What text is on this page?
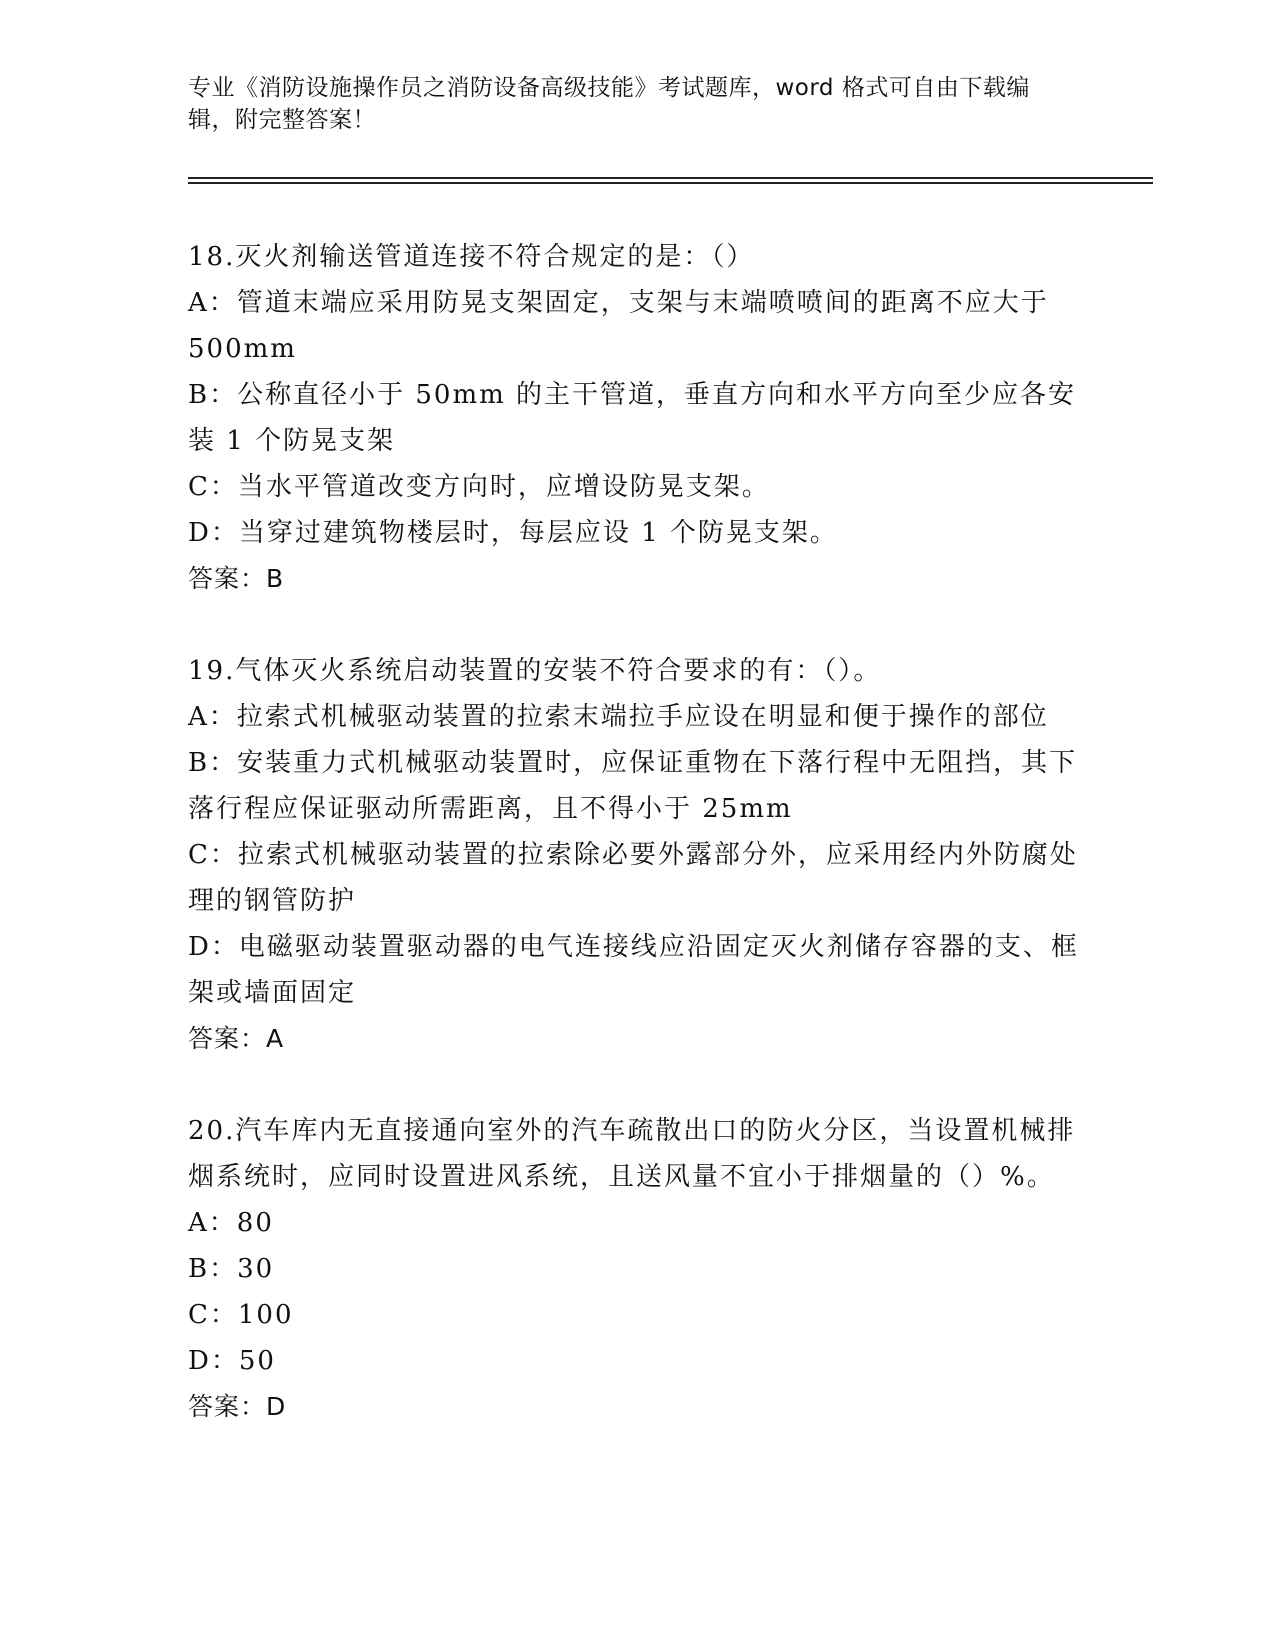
专业《消防设施操作员之消防设备高级技能》考试题库，word 格式可自由下载编
辑，附完整答案！

18.灭火剂输送管道连接不符合规定的是：（）

A：管道末端应采用防晃支架固定，支架与末端喷喷间的距离不应大于 500mm

B：公称直径小于 50mm 的主干管道，垂直方向和水平方向至少应各安装 1 个防晃支架

C：当水平管道改变方向时，应增设防晃支架。

D：当穿过建筑物楼层时，每层应设 1 个防晃支架。

答案：B

19.气体灭火系统启动装置的安装不符合要求的有：（）。

A：拉索式机械驱动装置的拉索末端拉手应设在明显和便于操作的部位

B：安装重力式机械驱动装置时，应保证重物在下落行程中无阻挡，其下落行程应保证驱动所需距离，且不得小于 25mm

C：拉索式机械驱动装置的拉索除必要外露部分外，应采用经内外防腐处理的钢管防护

D：电磁驱动装置驱动器的电气连接线应沿固定灭火剂储存容器的支、框架或墙面固定

答案：A

20.汽车库内无直接通向室外的汽车疏散出口的防火分区，当设置机械排烟系统时，应同时设置进风系统，且送风量不宜小于排烟量的（）%。

A：80

B：30

C：100

D：50

答案：D
